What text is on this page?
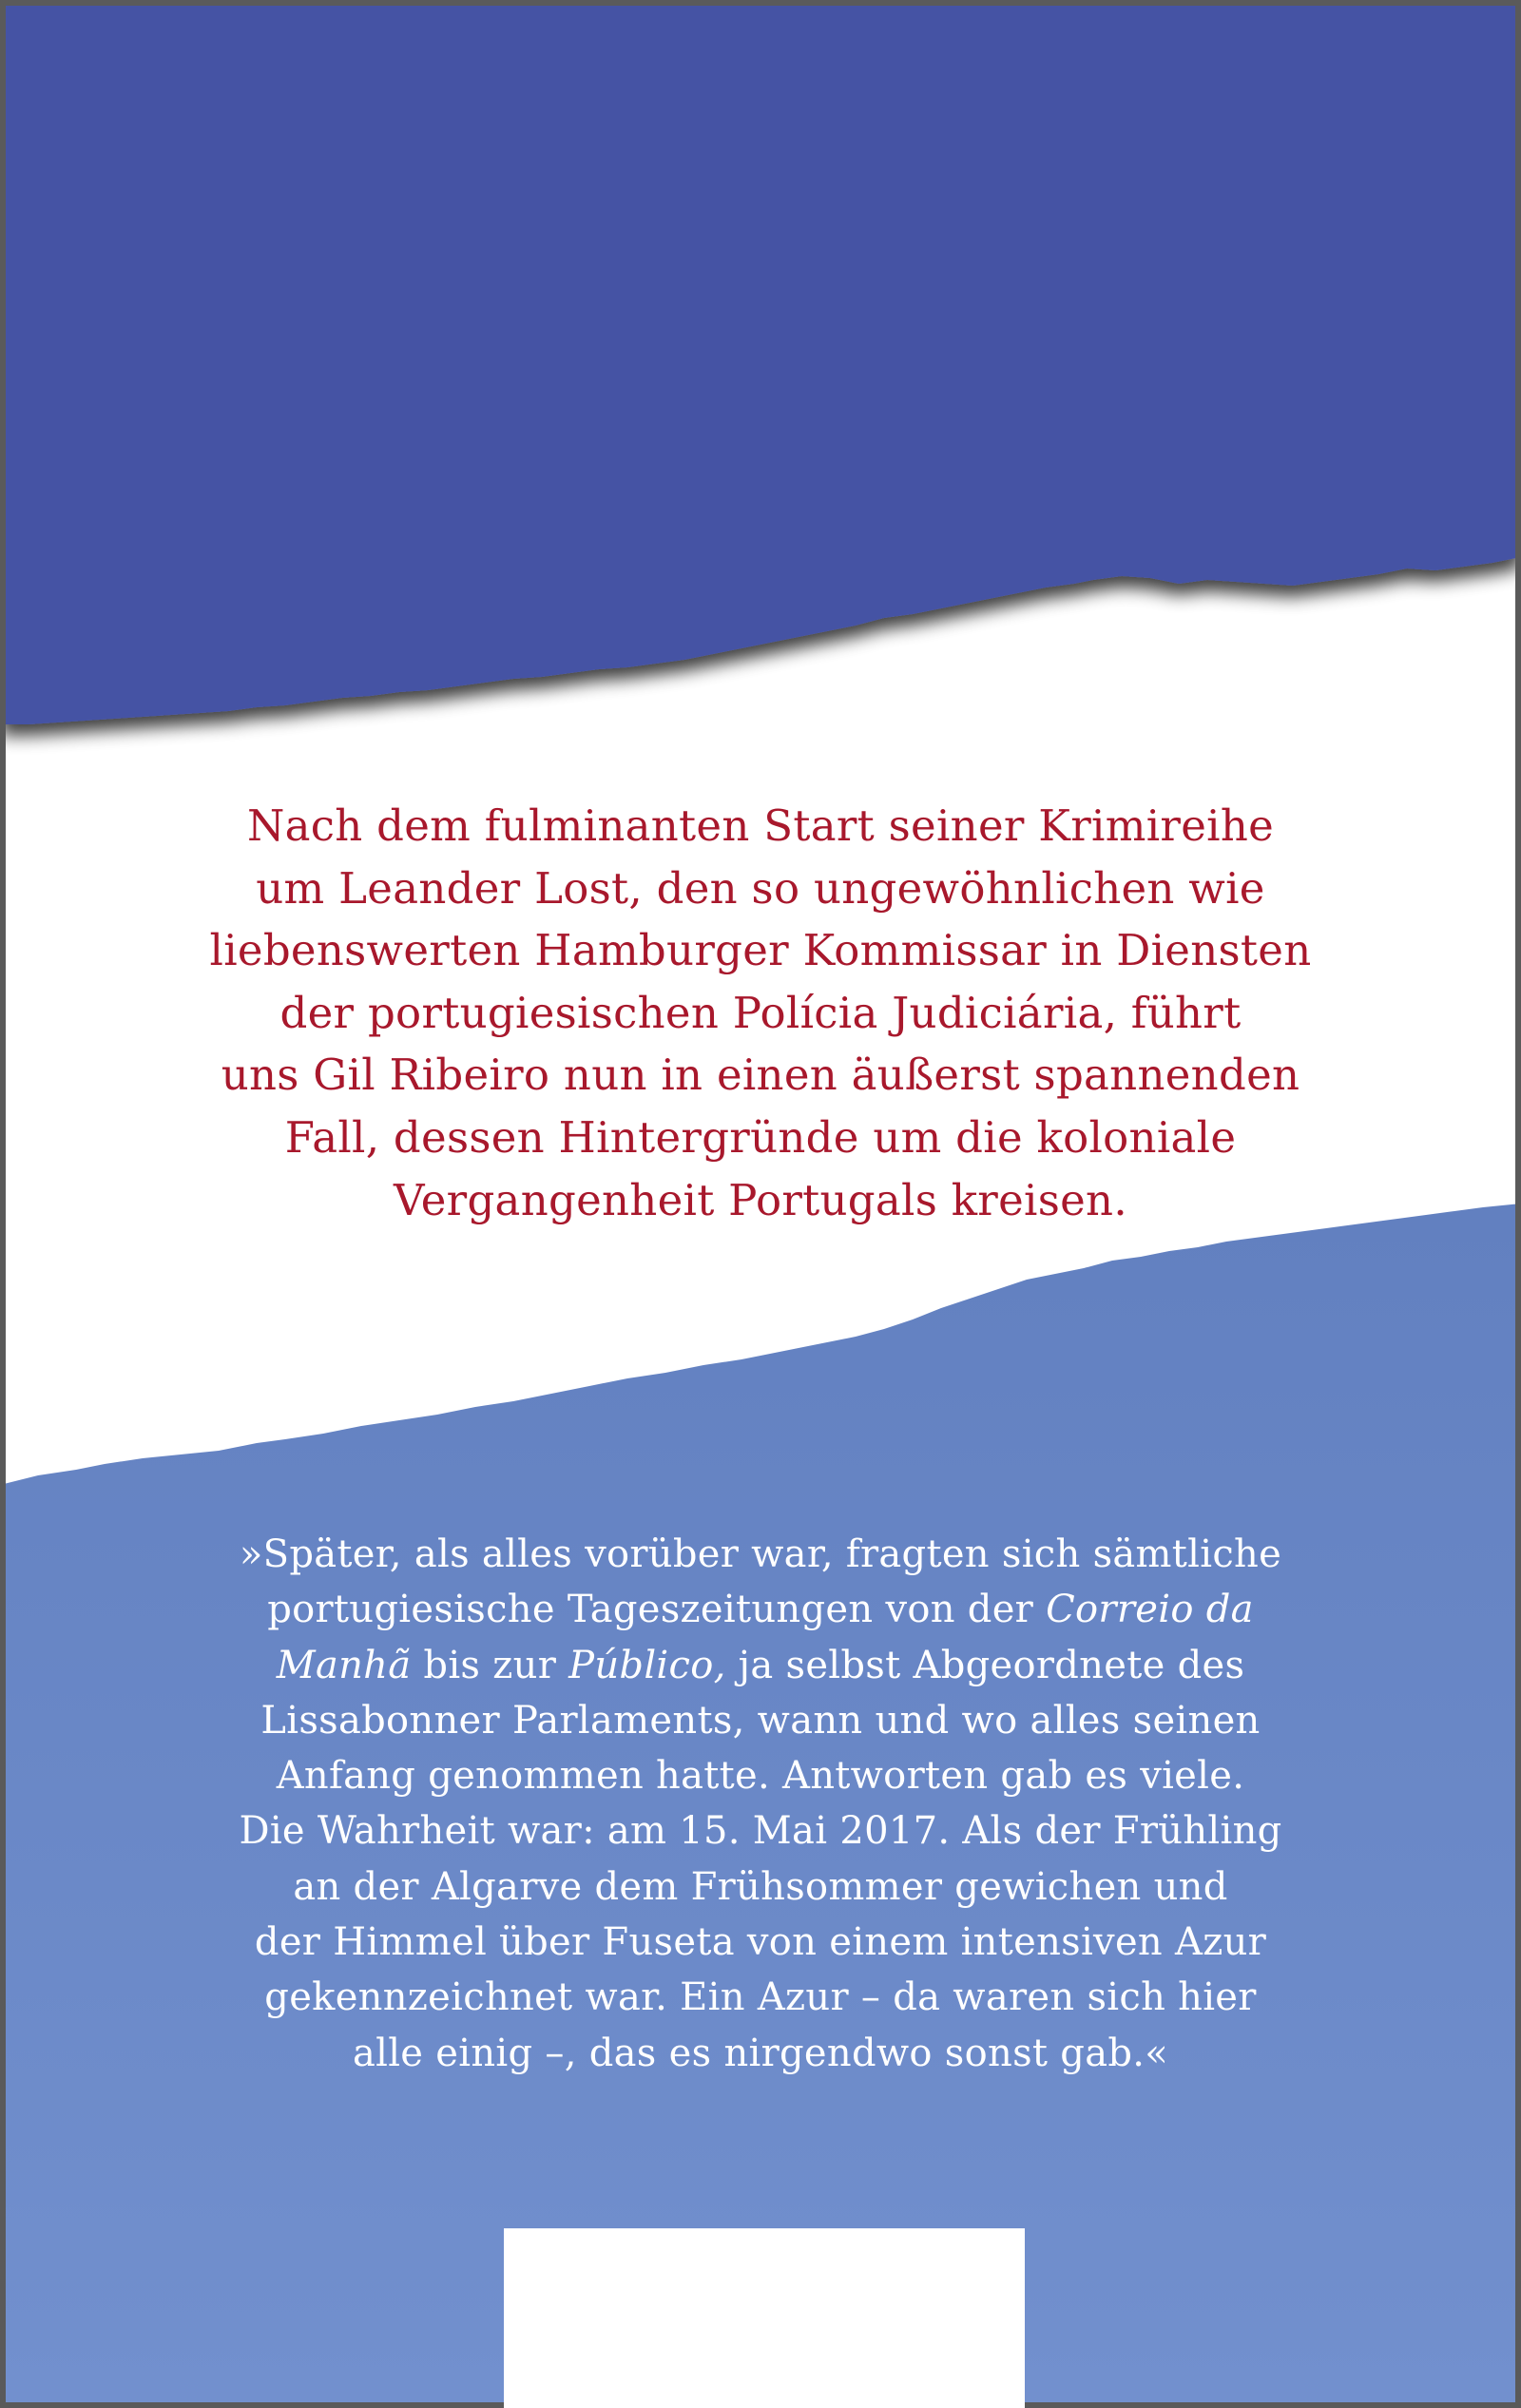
Nach dem fulminanten Start seiner Krimireihe
um Leander Lost, den so ungewöhnlichen wie
liebenswerten Hamburger Kommissar in Diensten
der portugiesischen Polícia Judiciária, führt
uns Gil Ribeiro nun in einen äußerst spannenden
Fall, dessen Hintergründe um die koloniale
Vergangenheit Portugals kreisen.
»Später, als alles vorüber war, fragten sich sämtliche
portugiesische Tageszeitungen von der Correio da
Manhã bis zur Público, ja selbst Abgeordnete des
Lissabonner Parlaments, wann und wo alles seinen
Anfang genommen hatte. Antworten gab es viele.
Die Wahrheit war: am 15. Mai 2017. Als der Frühling
an der Algarve dem Frühsommer gewichen und
der Himmel über Fuseta von einem intensiven Azur
gekennzeichnet war. Ein Azur – da waren sich hier
alle einig –, das es nirgendwo sonst gab.«
